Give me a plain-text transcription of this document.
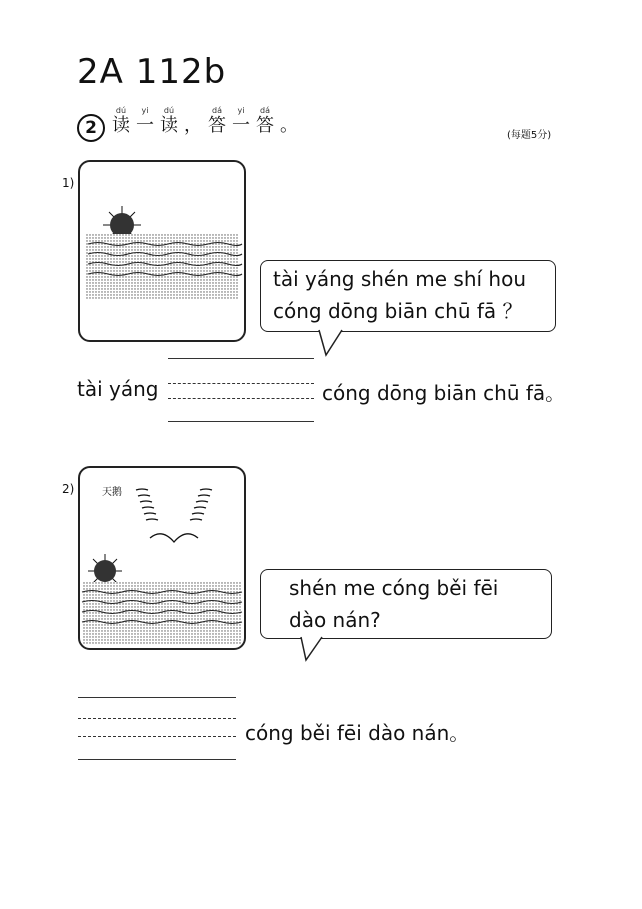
2A 112b
2
dú
读
yi
一
dú
读 ，
dá
答
yi
一
dá
答 。	(每题5分)
1)
tài yáng shén me shí hou
cóng dōng biān chū fā ？
tài yáng	cóng dōng biān chū fā。
2)	天鹅
shén me cóng běi fēi
dào nán?
cóng běi fēi dào nán。
